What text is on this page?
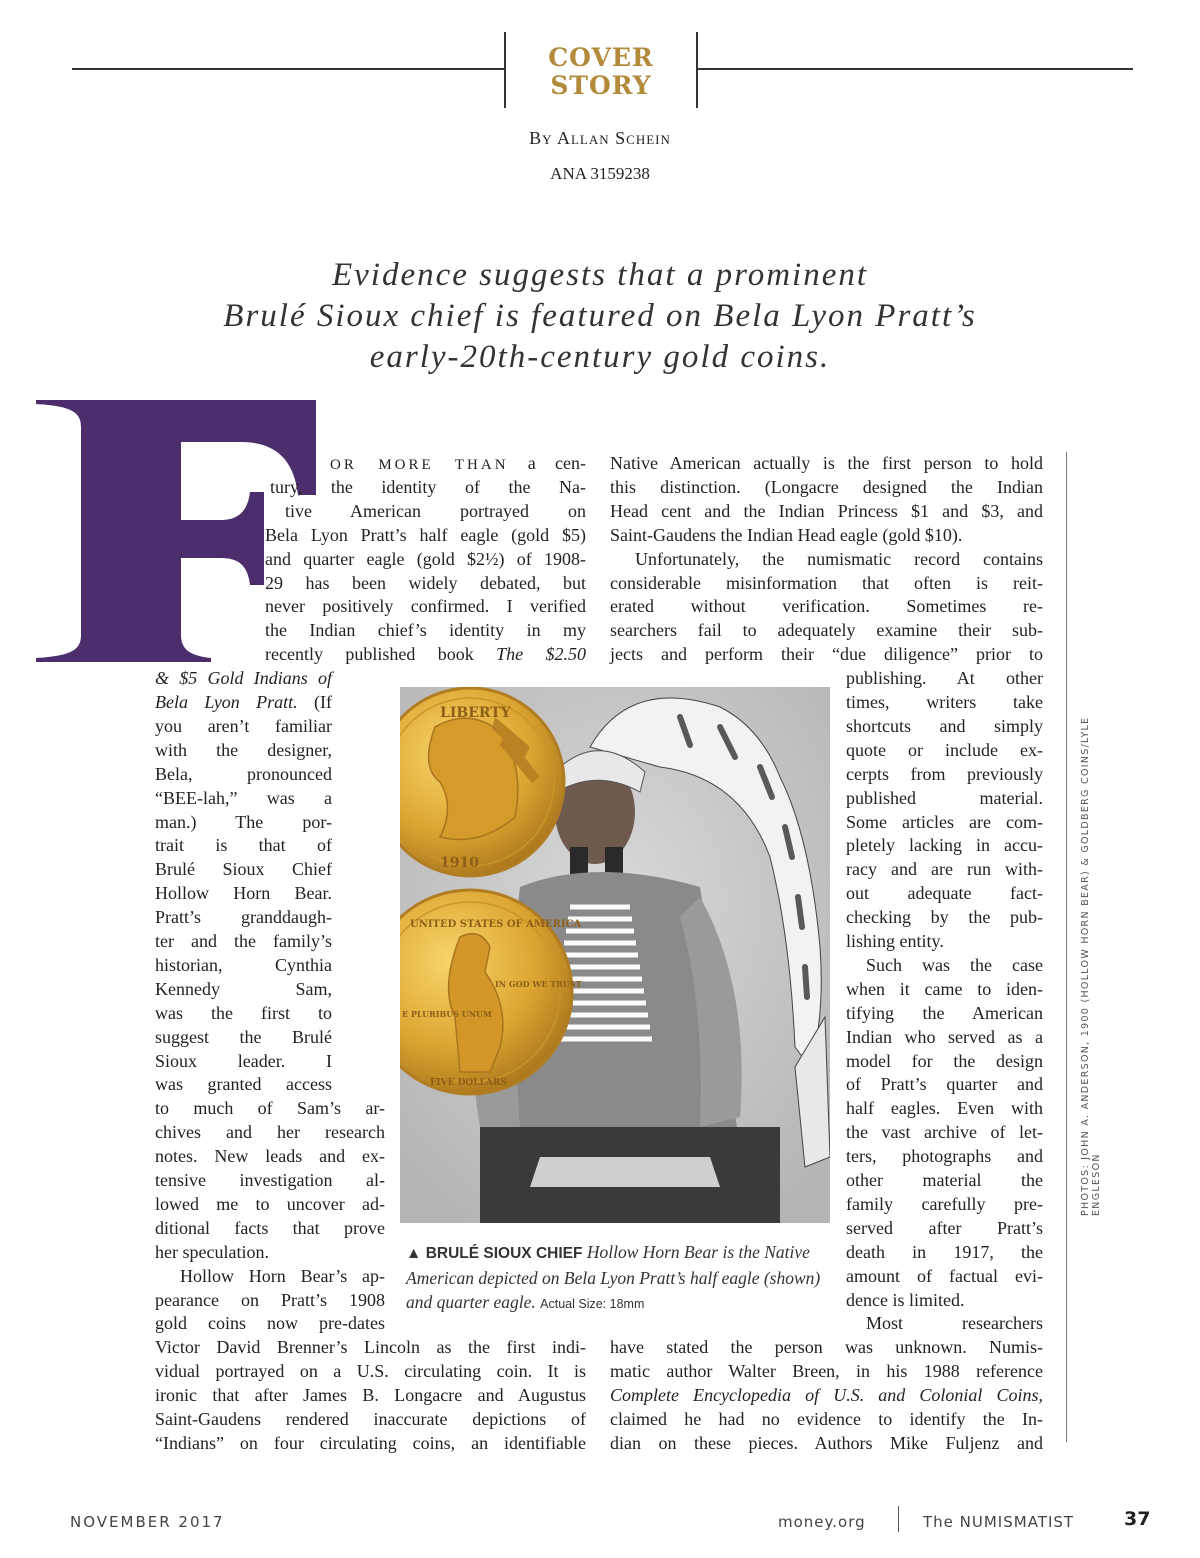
COVER
STORY
By Allan Schein
ANA 3159238
Evidence suggests that a prominent
Brulé Sioux chief is featured on Bela Lyon Pratt’s
early-20th-century gold coins.
OR MORE THAN a cen-
tury, the identity of the Na-
tive American portrayed on
Bela Lyon Pratt’s half eagle (gold $5)
and quarter eagle (gold $2½) of 1908-
29 has been widely debated, but
never positively confirmed. I verified
the Indian chief’s identity in my
recently published book The $2.50
& $5 Gold Indians of
Bela Lyon Pratt. (If
you aren’t familiar
with the designer,
Bela, pronounced
“BEE-lah,” was a
man.) The por-
trait is that of
Brulé Sioux Chief
Hollow Horn Bear.
Pratt’s granddaugh-
ter and the family’s
historian, Cynthia
Kennedy Sam,
was the first to
suggest the Brulé
Sioux leader. I
was granted access
to much of Sam’s ar-
chives and her research
notes. New leads and ex-
tensive investigation al-
lowed me to uncover ad-
ditional facts that prove
her speculation.
Hollow Horn Bear’s ap-
pearance on Pratt’s 1908
gold coins now pre-dates
Victor David Brenner’s Lincoln as the first indi-
vidual portrayed on a U.S. circulating coin. It is
ironic that after James B. Longacre and Augustus
Saint-Gaudens rendered inaccurate depictions of
“Indians” on four circulating coins, an identifiable
Native American actually is the first person to hold
this distinction. (Longacre designed the Indian
Head cent and the Indian Princess $1 and $3, and
Saint-Gaudens the Indian Head eagle (gold $10).
Unfortunately, the numismatic record contains
considerable misinformation that often is reit-
erated without verification. Sometimes re-
searchers fail to adequately examine their sub-
jects and perform their “due diligence” prior to
publishing. At other
times, writers take
shortcuts and simply
quote or include ex-
cerpts from previously
published material.
Some articles are com-
pletely lacking in accu-
racy and are run with-
out adequate fact-
checking by the pub-
lishing entity.
Such was the case
when it came to iden-
tifying the American
Indian who served as a
model for the design
of Pratt’s quarter and
half eagles. Even with
the vast archive of let-
ters, photographs and
other material the
family carefully pre-
served after Pratt’s
death in 1917, the
amount of factual evi-
dence is limited.
Most researchers
have stated the person was unknown. Numis-
matic author Walter Breen, in his 1988 reference
Complete Encyclopedia of U.S. and Colonial Coins,
claimed he had no evidence to identify the In-
dian on these pieces. Authors Mike Fuljenz and
LIBERTY
1910
UNITED STATES OF AMERICA
E PLURIBUS UNUM
IN GOD WE TRUST
FIVE DOLLARS
▲ BRULÉ SIOUX CHIEF Hollow Horn Bear is the Native American depicted on Bela Lyon Pratt’s half eagle (shown) and quarter eagle. Actual Size: 18mm
PHOTOS: JOHN A. ANDERSON, 1900 (HOLLOW HORN BEAR) & GOLDBERG COINS/LYLE ENGLESON
NOVEMBER 2017	money.org	The NUMISMATIST	37
